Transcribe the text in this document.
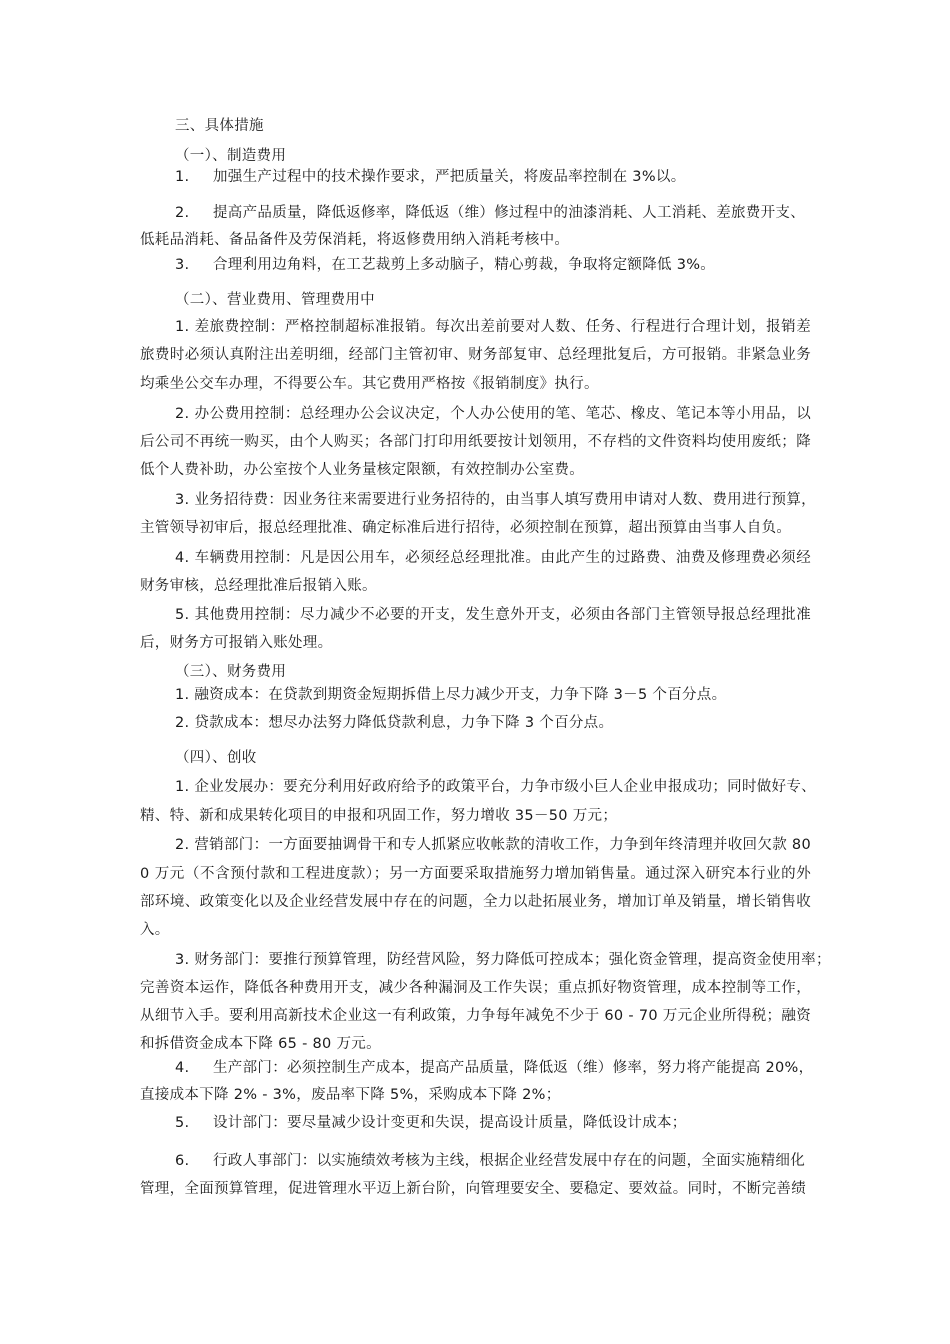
三、具体措施
（一）、制造费用
1. 加强生产过程中的技术操作要求，严把质量关，将废品率控制在 3%以。
2. 提高产品质量，降低返修率，降低返（维）修过程中的油漆消耗、人工消耗、差旅费开支、
低耗品消耗、备品备件及劳保消耗，将返修费用纳入消耗考核中。
3. 合理利用边角料，在工艺裁剪上多动脑子，精心剪裁，争取将定额降低 3%。
（二）、营业费用、管理费用中
1. 差旅费控制：严格控制超标准报销。每次出差前要对人数、任务、行程进行合理计划，报销差
旅费时必须认真附注出差明细，经部门主管初审、财务部复审、总经理批复后，方可报销。非紧急业务
均乘坐公交车办理，不得要公车。其它费用严格按《报销制度》执行。
2. 办公费用控制：总经理办公会议决定，个人办公使用的笔、笔芯、橡皮、笔记本等小用品，以
后公司不再统一购买，由个人购买；各部门打印用纸要按计划领用，不存档的文件资料均使用废纸；降
低个人费补助，办公室按个人业务量核定限额，有效控制办公室费。
3. 业务招待费：因业务往来需要进行业务招待的，由当事人填写费用申请对人数、费用进行预算，
主管领导初审后，报总经理批准、确定标准后进行招待，必须控制在预算，超出预算由当事人自负。
4. 车辆费用控制：凡是因公用车，必须经总经理批准。由此产生的过路费、油费及修理费必须经
财务审核，总经理批准后报销入账。
5. 其他费用控制：尽力减少不必要的开支，发生意外开支，必须由各部门主管领导报总经理批准
后，财务方可报销入账处理。
（三）、财务费用
1. 融资成本：在贷款到期资金短期拆借上尽力减少开支，力争下降 3－5 个百分点。
2. 贷款成本：想尽办法努力降低贷款利息，力争下降 3 个百分点。
（四）、创收
1. 企业发展办：要充分利用好政府给予的政策平台，力争市级小巨人企业申报成功；同时做好专、
精、特、新和成果转化项目的申报和巩固工作，努力增收 35－50 万元；
2. 营销部门：一方面要抽调骨干和专人抓紧应收帐款的清收工作，力争到年终清理并收回欠款 80
0 万元（不含预付款和工程进度款）；另一方面要采取措施努力增加销售量。通过深入研究本行业的外
部环境、政策变化以及企业经营发展中存在的问题，全力以赴拓展业务，增加订单及销量，增长销售收
入。
3. 财务部门：要推行预算管理，防经营风险，努力降低可控成本；强化资金管理，提高资金使用率；
完善资本运作，降低各种费用开支，减少各种漏洞及工作失误；重点抓好物资管理，成本控制等工作，
从细节入手。要利用高新技术企业这一有利政策，力争每年减免不少于 60 - 70 万元企业所得税；融资
和拆借资金成本下降 65 - 80 万元。
4. 生产部门：必须控制生产成本，提高产品质量，降低返（维）修率，努力将产能提高 20%，
直接成本下降 2% - 3%，废品率下降 5%，采购成本下降 2%；
5. 设计部门：要尽量减少设计变更和失误，提高设计质量，降低设计成本；
6. 行政人事部门：以实施绩效考核为主线，根据企业经营发展中存在的问题，全面实施精细化
管理，全面预算管理，促进管理水平迈上新台阶，向管理要安全、要稳定、要效益。同时，不断完善绩
